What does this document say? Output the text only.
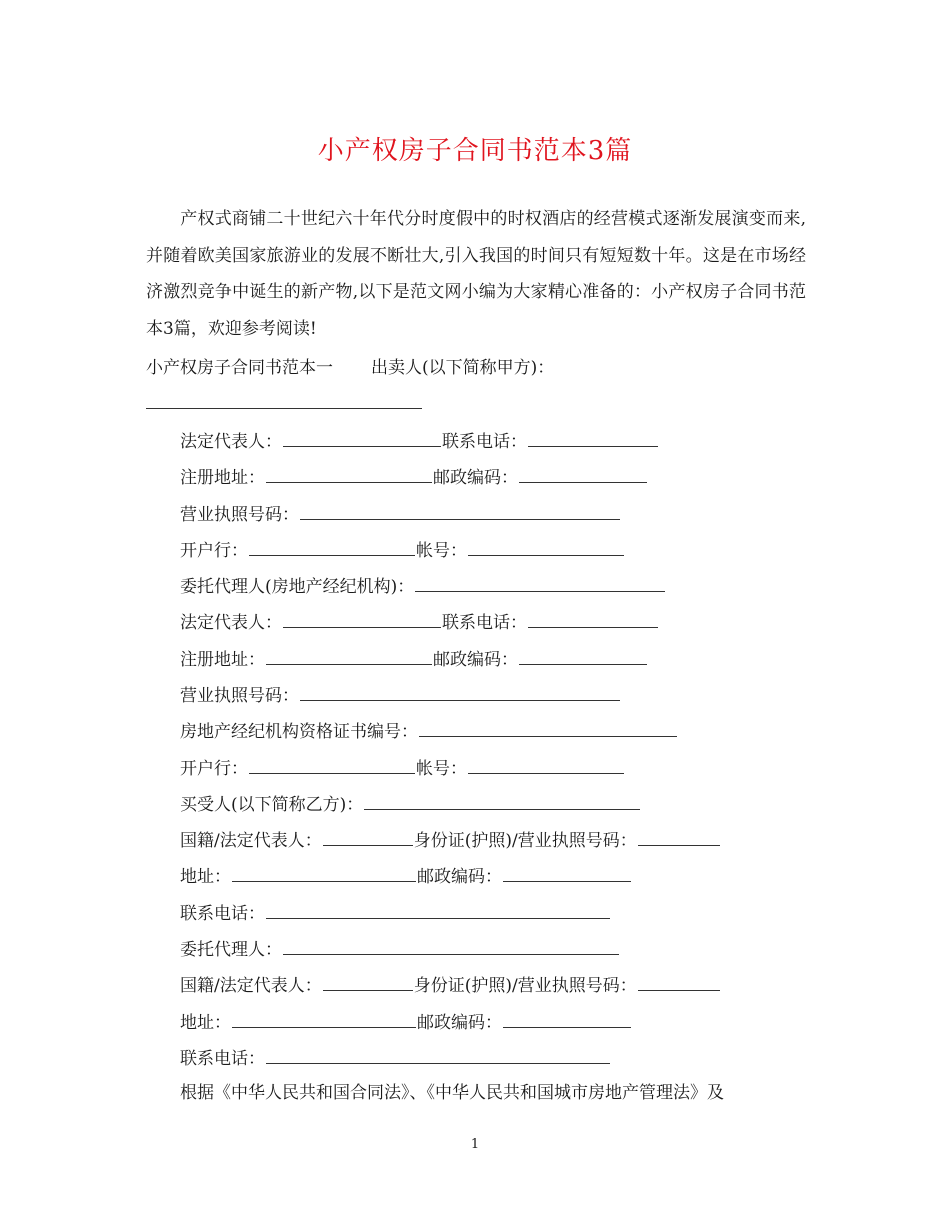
小产权房子合同书范本3篇

产权式商铺二十世纪六十年代分时度假中的时权酒店的经营模式逐渐发展演变而来,并随着欧美国家旅游业的发展不断壮大,引入我国的时间只有短短数十年。这是在市场经济激烈竞争中诞生的新产物,以下是范文网小编为大家精心准备的：小产权房子合同书范本3篇，欢迎参考阅读!

小产权房子合同书范本一 出卖人(以下简称甲方)：
法定代表人：	联系电话：
注册地址：	邮政编码：
营业执照号码：
开户行：	帐号：
委托代理人(房地产经纪机构)：
法定代表人：	联系电话：
注册地址：	邮政编码：
营业执照号码：
房地产经纪机构资格证书编号：
开户行：	帐号：
买受人(以下简称乙方)：
国籍/法定代表人：	身份证(护照)/营业执照号码：
地址：	邮政编码：
联系电话：
委托代理人：
国籍/法定代表人：	身份证(护照)/营业执照号码：
地址：	邮政编码：
联系电话：
根据《中华人民共和国合同法》、《中华人民共和国城市房地产管理法》及
1
